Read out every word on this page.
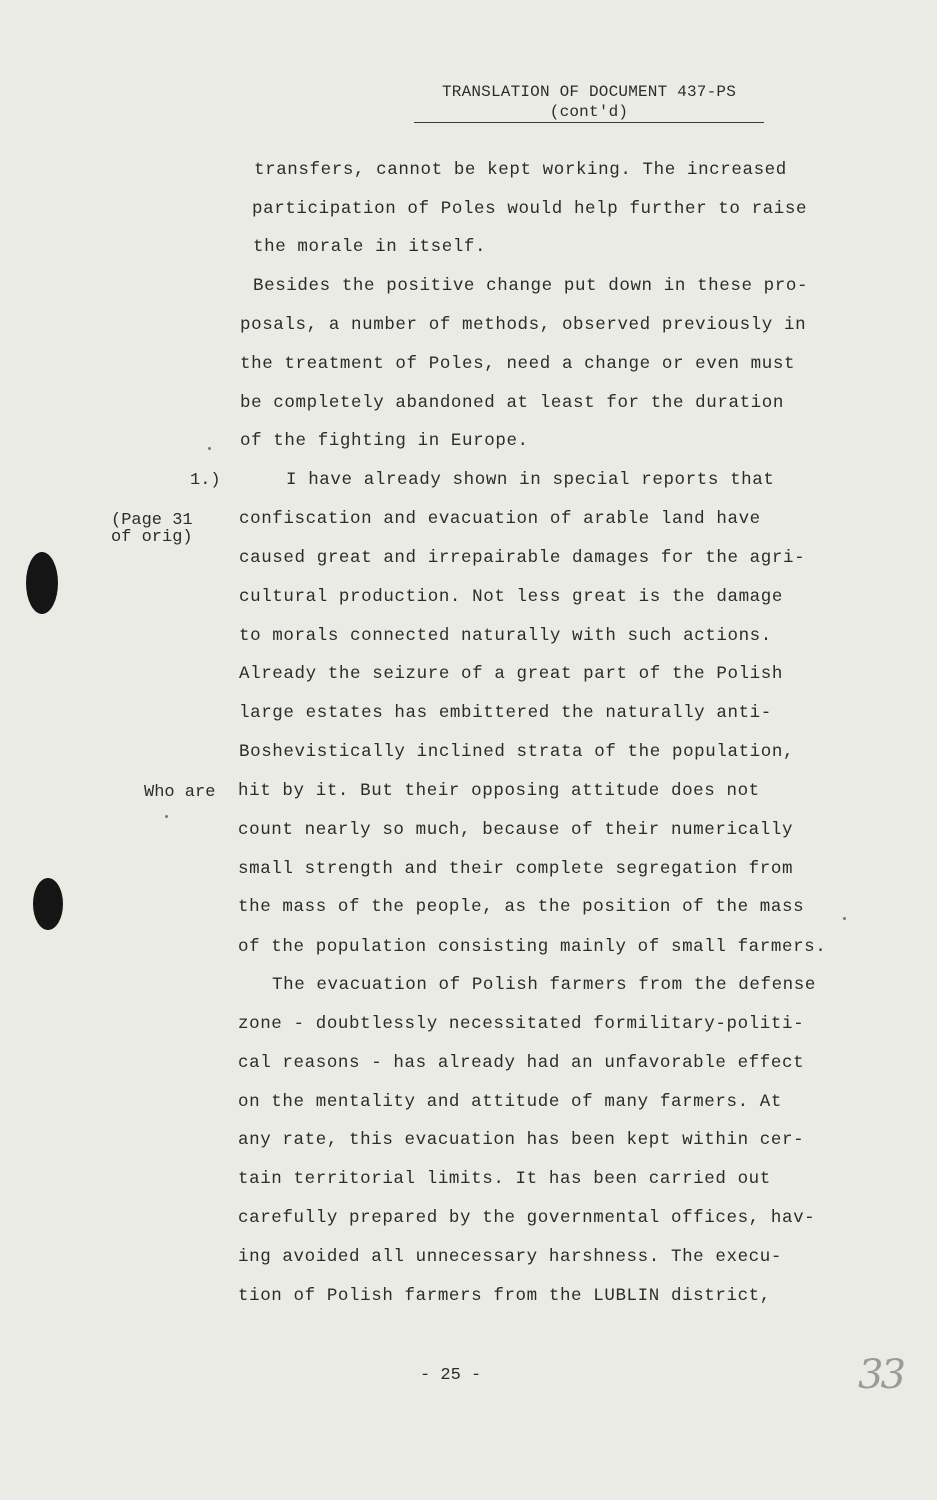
TRANSLATION OF DOCUMENT 437-PS
(cont'd)
transfers, cannot be kept working. The increased
participation of Poles would help further to raise
the morale in itself.
Besides the positive change put down in these pro-
posals, a number of methods, observed previously in
the treatment of Poles, need a change or even must
be completely abandoned at least for the duration
of the fighting in Europe.
I have already shown in special reports that
confiscation and evacuation of arable land have
caused great and irrepairable damages for the agri-
cultural production. Not less great is the damage
to morals connected naturally with such actions.
Already the seizure of a great part of the Polish
large estates has embittered the naturally anti-
Boshevistically inclined strata of the population,
hit by it. But their opposing attitude does not
count nearly so much, because of their numerically
small strength and their complete segregation from
the mass of the people, as the position of the mass
of the population consisting mainly of small farmers.
The evacuation of Polish farmers from the defense
zone - doubtlessly necessitated formilitary-politi-
cal reasons - has already had an unfavorable effect
on the mentality and attitude of many farmers. At
any rate, this evacuation has been kept within cer-
tain territorial limits. It has been carried out
carefully prepared by the governmental offices, hav-
ing avoided all unnecessary harshness. The execu-
tion of Polish farmers from the LUBLIN district,
1.)
(Page 31
of orig)
Who are
- 25 -	33
